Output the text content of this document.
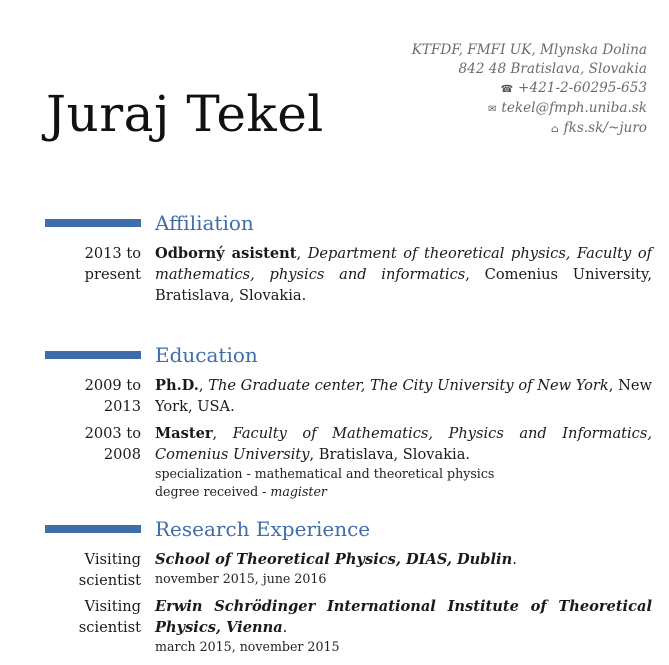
KTFDF, FMFI UK, Mlynska Dolina
842 48 Bratislava, Slovakia
☎ +421-2-60295-653
✉ tekel@fmph.uniba.sk
⌂ fks.sk/~juro
Juraj Tekel
Affiliation
2013 to
present
Odborný asistent, Department of theoretical physics, Faculty of mathematics, physics and informatics, Comenius University, Bratislava, Slovakia.
Education
2009 to
2013
Ph.D., The Graduate center, The City University of New York, New York, USA.
2003 to
2008
Master, Faculty of Mathematics, Physics and Informatics, Comenius University, Bratislava, Slovakia.
specialization - mathematical and theoretical physics
degree received - magister
Research Experience
Visiting
scientist
School of Theoretical Physics, DIAS, Dublin.
november 2015, june 2016
Visiting
scientist
Erwin Schrödinger International Institute of Theoretical Physics, Vienna.
march 2015, november 2015
